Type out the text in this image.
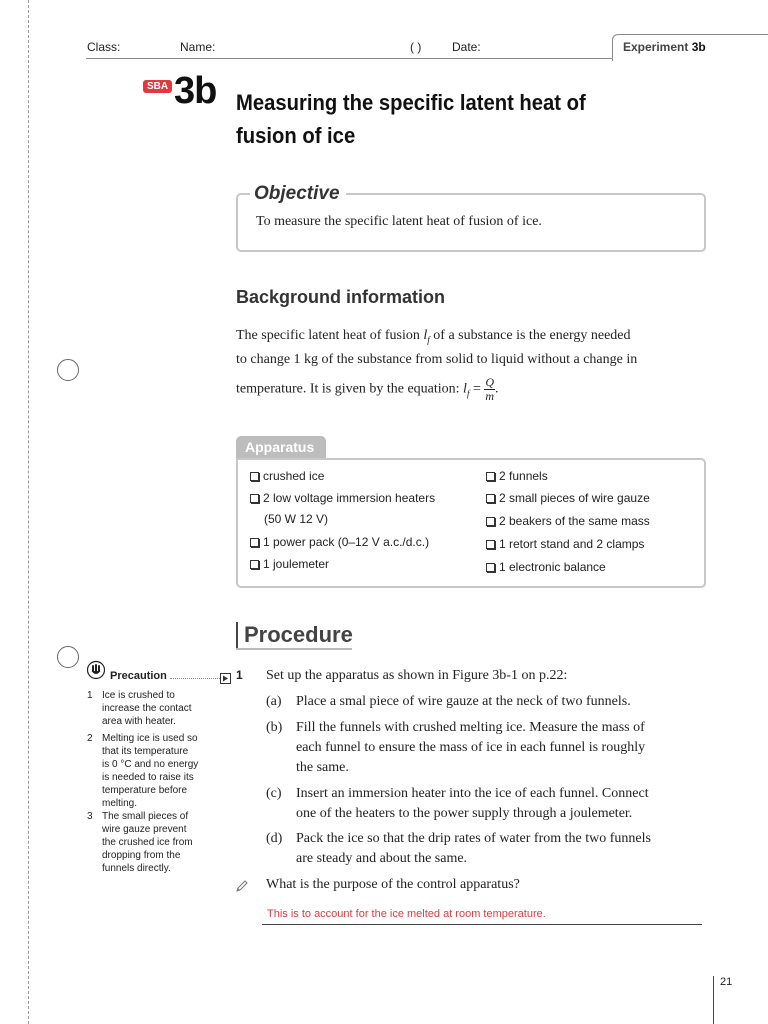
Class:	Name:	( )	Date:	Experiment 3b
SBA 3b Measuring the specific latent heat of
fusion of ice
Objective
To measure the specific latent heat of fusion of ice.
Background information
The specific latent heat of fusion $l_f$ of a substance is the energy needed
to change 1 kg of the substance from solid to liquid without a change in
temperature. It is given by the equation: $l_f = \frac{Q}{m}$ .
Apparatus
crushed ice
2 low voltage immersion heaters
(50 W 12 V)
1 power pack (0–12 V a.c./d.c.)
1 joulemeter
2 funnels
2 small pieces of wire gauze
2 beakers of the same mass
1 retort stand and 2 clamps
1 electronic balance
Procedure
Precaution
1 Ice is crushed to
increase the contact
area with heater.
2 Melting ice is used so
that its temperature
is 0 °C and no energy
is needed to raise its
temperature before
melting.
3 The small pieces of
wire gauze prevent
the crushed ice from
dropping from the
funnels directly.
1 Set up the apparatus as shown in Figure 3b-1 on p.22:
(a) Place a smal piece of wire gauze at the neck of two funnels.
(b) Fill the funnels with crushed melting ice. Measure the mass of
each funnel to ensure the mass of ice in each funnel is roughly
the same.
(c) Insert an immersion heater into the ice of each funnel. Connect
one of the heaters to the power supply through a joulemeter.
(d) Pack the ice so that the drip rates of water from the two funnels
are steady and about the same.
What is the purpose of the control apparatus?
This is to account for the ice melted at room temperature.
21
